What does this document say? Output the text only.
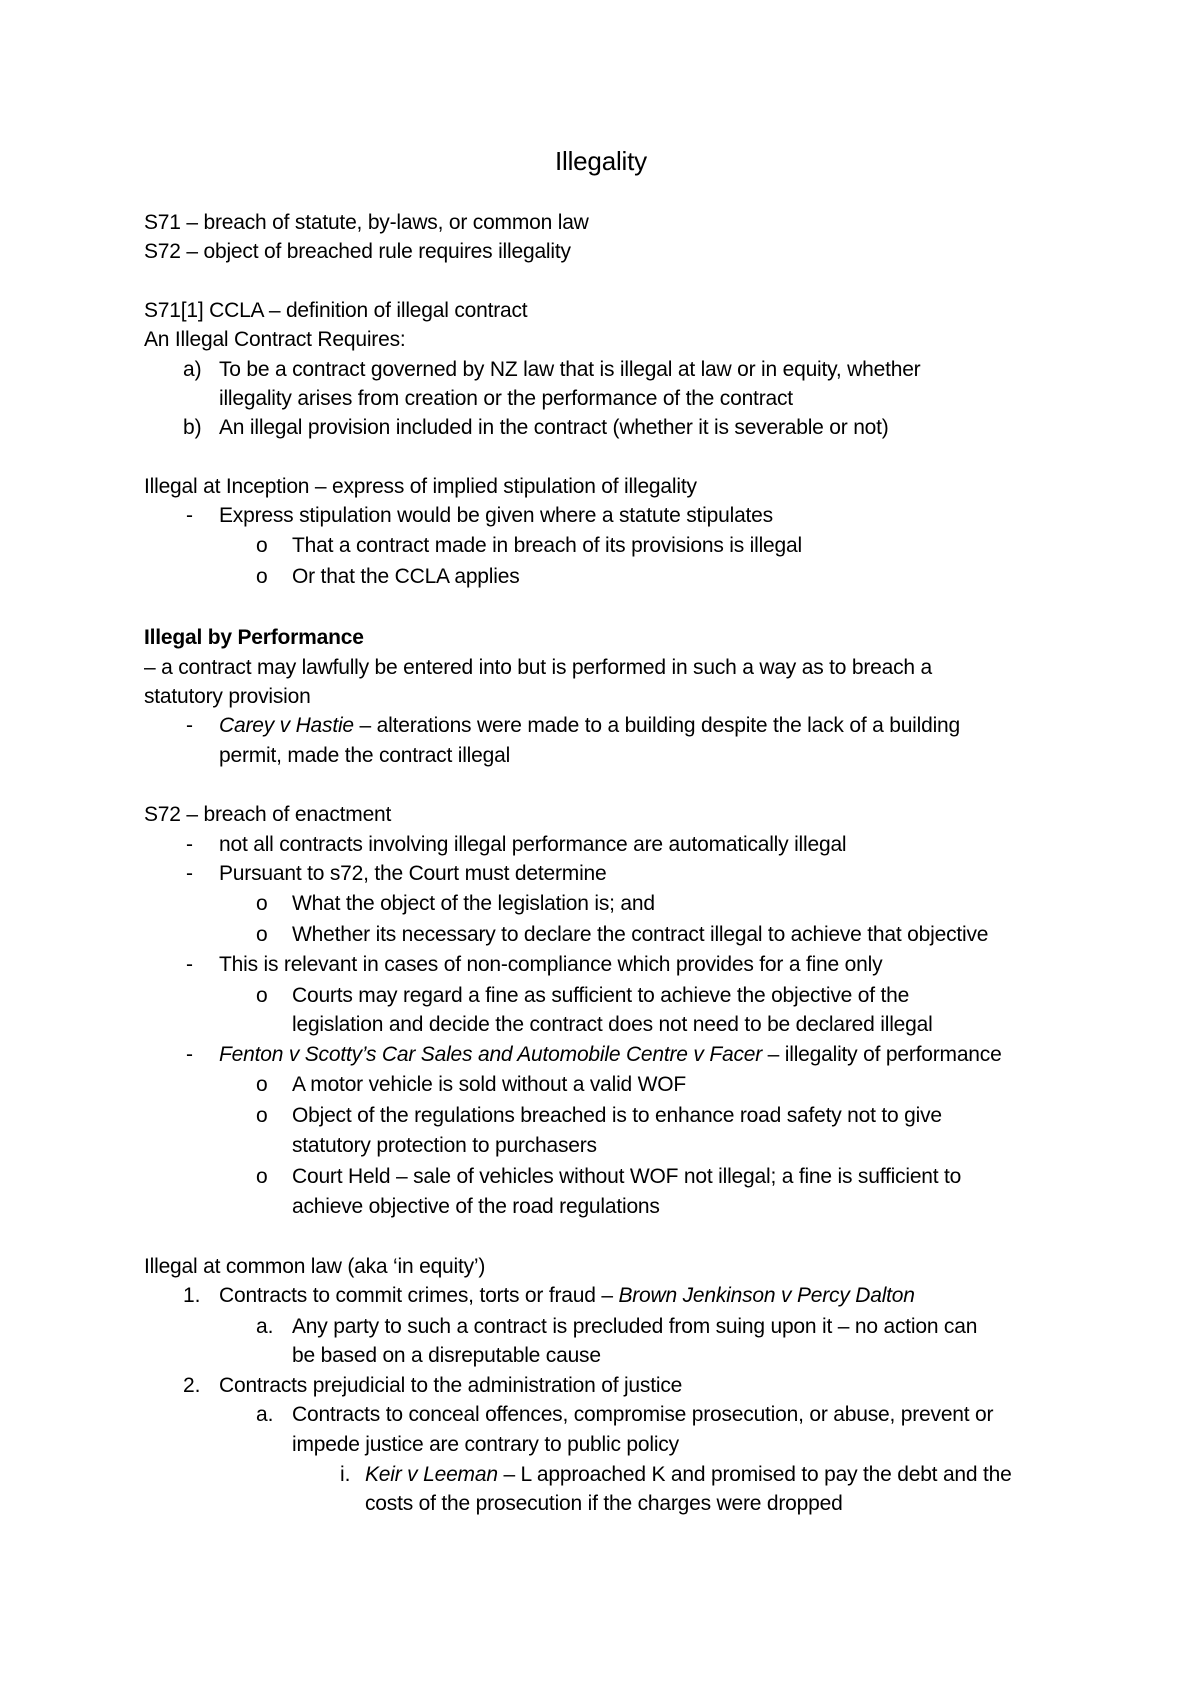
Illegality
S71 – breach of statute, by-laws, or common law
S72 – object of breached rule requires illegality
S71[1] CCLA – definition of illegal contract
An Illegal Contract Requires:
a) To be a contract governed by NZ law that is illegal at law or in equity, whether
illegality arises from creation or the performance of the contract
b) An illegal provision included in the contract (whether it is severable or not)
Illegal at Inception – express of implied stipulation of illegality
- Express stipulation would be given where a statute stipulates
o That a contract made in breach of its provisions is illegal
o Or that the CCLA applies
Illegal by Performance
– a contract may lawfully be entered into but is performed in such a way as to breach a
statutory provision
- Carey v Hastie – alterations were made to a building despite the lack of a building
permit, made the contract illegal
S72 – breach of enactment
- not all contracts involving illegal performance are automatically illegal
- Pursuant to s72, the Court must determine
o What the object of the legislation is; and
o Whether its necessary to declare the contract illegal to achieve that objective
- This is relevant in cases of non-compliance which provides for a fine only
o Courts may regard a fine as sufficient to achieve the objective of the
legislation and decide the contract does not need to be declared illegal
- Fenton v Scotty’s Car Sales and Automobile Centre v Facer – illegality of performance
o A motor vehicle is sold without a valid WOF
o Object of the regulations breached is to enhance road safety not to give
statutory protection to purchasers
o Court Held – sale of vehicles without WOF not illegal; a fine is sufficient to
achieve objective of the road regulations
Illegal at common law (aka ‘in equity’)
1. Contracts to commit crimes, torts or fraud – Brown Jenkinson v Percy Dalton
a. Any party to such a contract is precluded from suing upon it – no action can
be based on a disreputable cause
2. Contracts prejudicial to the administration of justice
a. Contracts to conceal offences, compromise prosecution, or abuse, prevent or
impede justice are contrary to public policy
i. Keir v Leeman – L approached K and promised to pay the debt and the
costs of the prosecution if the charges were dropped
